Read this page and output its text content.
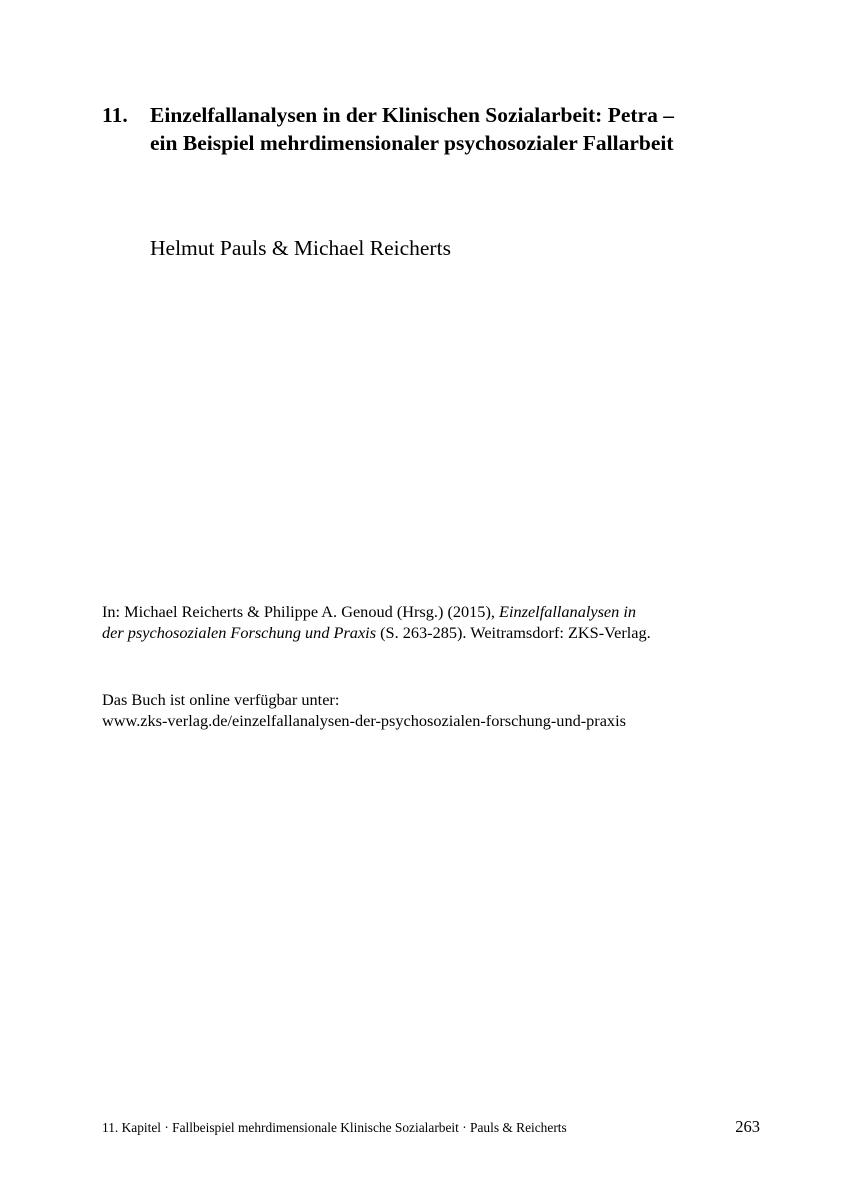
11. Einzelfallanalysen in der Klinischen Sozialarbeit: Petra –
ein Beispiel mehrdimensionaler psychosozialer Fallarbeit
Helmut Pauls & Michael Reicherts
In: Michael Reicherts & Philippe A. Genoud (Hrsg.) (2015), Einzelfallanalysen in
der psychosozialen Forschung und Praxis (S. 263-285). Weitramsdorf: ZKS-Verlag.
Das Buch ist online verfügbar unter:
www.zks-verlag.de/einzelfallanalysen-der-psychosozialen-forschung-und-praxis
11. Kapitel · Fallbeispiel mehrdimensionale Klinische Sozialarbeit · Pauls & Reicherts	263
